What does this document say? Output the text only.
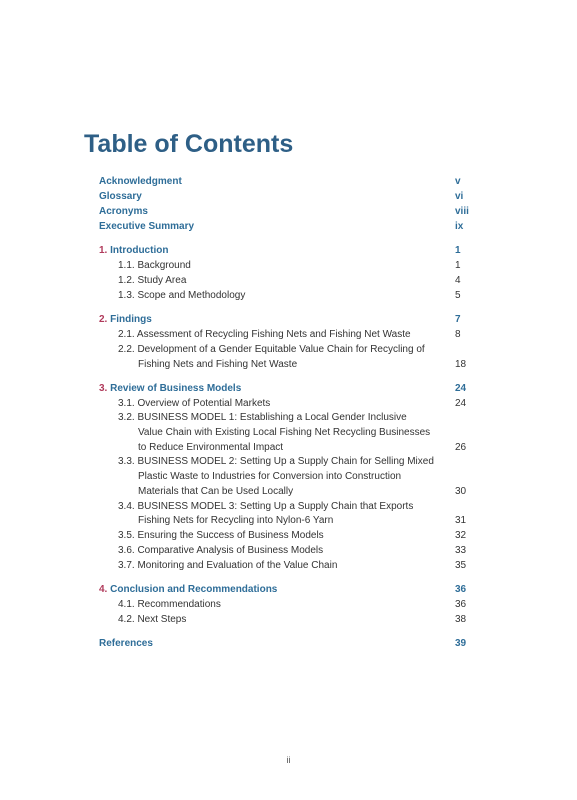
Table of Contents
Acknowledgment	v
Glossary	vi
Acronyms	viii
Executive Summary	ix
1. Introduction	1
1.1. Background	1
1.2. Study Area	4
1.3. Scope and Methodology	5
2. Findings	7
2.1. Assessment of Recycling Fishing Nets and Fishing Net Waste	8
2.2. Development of a Gender Equitable Value Chain for Recycling of
Fishing Nets and Fishing Net Waste	18
3. Review of Business Models	24
3.1. Overview of Potential Markets	24
3.2. BUSINESS MODEL 1: Establishing a Local Gender Inclusive
Value Chain with Existing Local Fishing Net Recycling Businesses
to Reduce Environmental Impact	26
3.3. BUSINESS MODEL 2: Setting Up a Supply Chain for Selling Mixed
Plastic Waste to Industries for Conversion into Construction
Materials that Can be Used Locally	30
3.4. BUSINESS MODEL 3: Setting Up a Supply Chain that Exports
Fishing Nets for Recycling into Nylon-6 Yarn	31
3.5. Ensuring the Success of Business Models	32
3.6. Comparative Analysis of Business Models	33
3.7. Monitoring and Evaluation of the Value Chain	35
4. Conclusion and Recommendations	36
4.1. Recommendations	36
4.2. Next Steps	38
References	39
ii
